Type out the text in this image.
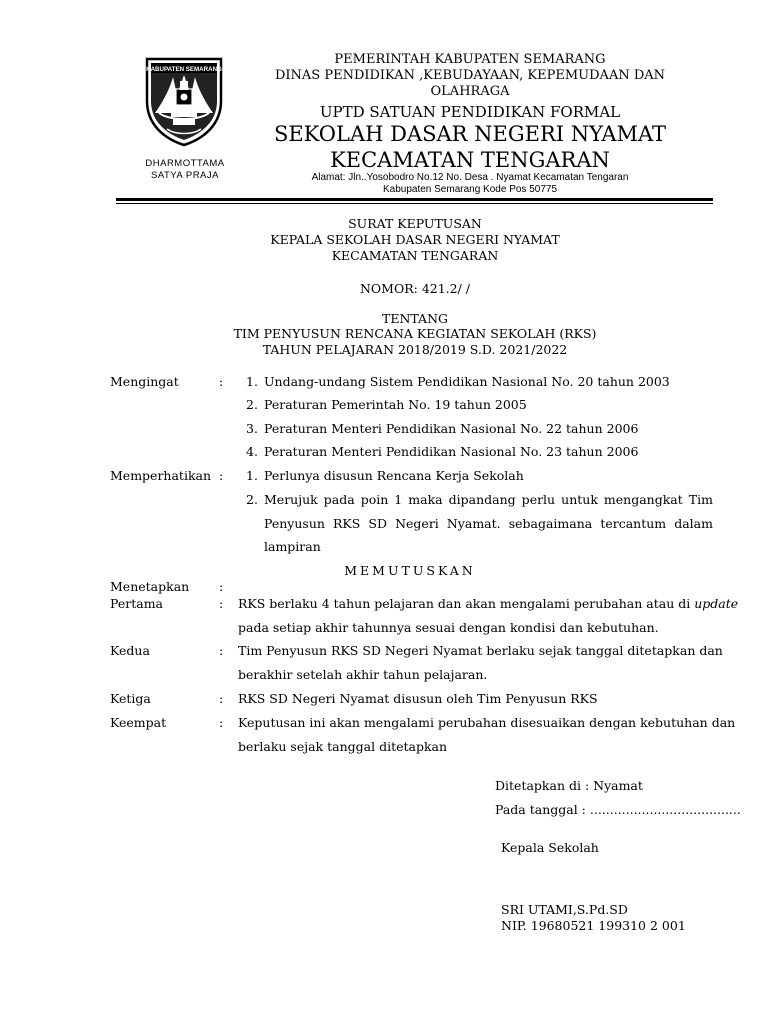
KABUPATEN SEMARANG
DHARMOTTAMA
SATYA PRAJA
PEMERINTAH KABUPATEN SEMARANG
DINAS PENDIDIKAN ,KEBUDAYAAN, KEPEMUDAAN DAN
OLAHRAGA
UPTD SATUAN PENDIDIKAN FORMAL
SEKOLAH DASAR NEGERI NYAMAT
KECAMATAN TENGARAN
Alamat: Jln..Yosobodro No.12 No. Desa . Nyamat Kecamatan Tengaran
Kabupaten Semarang Kode Pos 50775
SURAT KEPUTUSAN
KEPALA SEKOLAH DASAR NEGERI NYAMAT
KECAMATAN TENGARAN
NOMOR: 421.2/ /
TENTANG
TIM PENYUSUN RENCANA KEGIATAN SEKOLAH (RKS)
TAHUN PELAJARAN 2018/2019 S.D. 2021/2022
Mengingat	: 1. Undang-undang Sistem Pendidikan Nasional No. 20 tahun 2003
2. Peraturan Pemerintah No. 19 tahun 2005
3. Peraturan Menteri Pendidikan Nasional No. 22 tahun 2006
4. Peraturan Menteri Pendidikan Nasional No. 23 tahun 2006
Memperhatikan : 1. Perlunya disusun Rencana Kerja Sekolah
2. Merujuk pada poin 1 maka dipandang perlu untuk mengangkat Tim
Penyusun RKS SD Negeri Nyamat. sebagaimana tercantum dalam
lampiran
MEMUTUSKAN
Menetapkan :
Pertama	: RKS berlaku 4 tahun pelajaran dan akan mengalami perubahan atau di update
pada setiap akhir tahunnya sesuai dengan kondisi dan kebutuhan.
Kedua	: Tim Penyusun RKS SD Negeri Nyamat berlaku sejak tanggal ditetapkan dan
berakhir setelah akhir tahun pelajaran.
Ketiga	: RKS SD Negeri Nyamat disusun oleh Tim Penyusun RKS
Keempat	: Keputusan ini akan mengalami perubahan disesuaikan dengan kebutuhan dan
berlaku sejak tanggal ditetapkan
Ditetapkan di : Nyamat
Pada tanggal : ......................................
Kepala Sekolah
SRI UTAMI,S.Pd.SD
NIP. 19680521 199310 2 001
